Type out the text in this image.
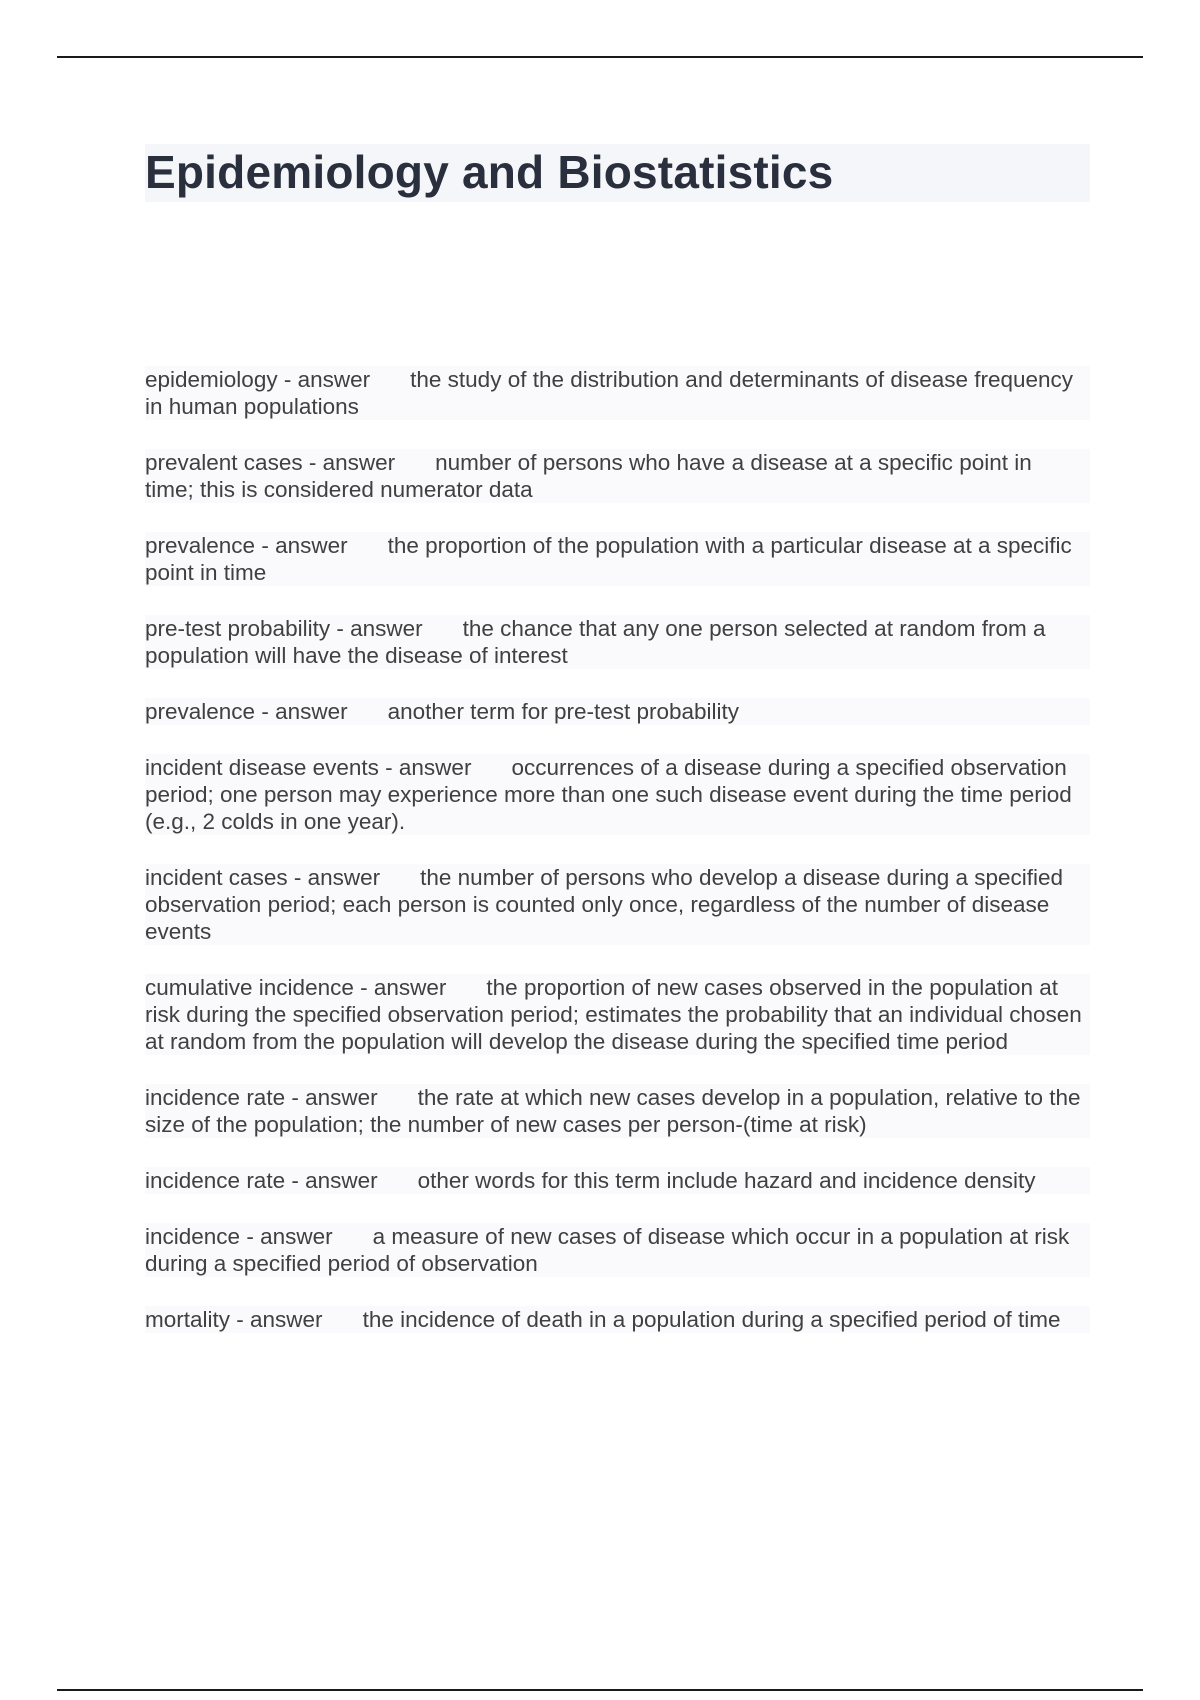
Epidemiology and Biostatistics

epidemiology - answer the study of the distribution and determinants of disease frequency in human populations

prevalent cases - answer number of persons who have a disease at a specific point in time; this is considered numerator data

prevalence - answer the proportion of the population with a particular disease at a specific point in time

pre-test probability - answer the chance that any one person selected at random from a population will have the disease of interest

prevalence - answer another term for pre-test probability

incident disease events - answer occurrences of a disease during a specified observation period; one person may experience more than one such disease event during the time period (e.g., 2 colds in one year).

incident cases - answer the number of persons who develop a disease during a specified observation period; each person is counted only once, regardless of the number of disease events

cumulative incidence - answer the proportion of new cases observed in the population at risk during the specified observation period; estimates the probability that an individual chosen at random from the population will develop the disease during the specified time period

incidence rate - answer the rate at which new cases develop in a population, relative to the size of the population; the number of new cases per person-(time at risk)

incidence rate - answer other words for this term include hazard and incidence density

incidence - answer a measure of new cases of disease which occur in a population at risk during a specified period of observation

mortality - answer the incidence of death in a population during a specified period of time
